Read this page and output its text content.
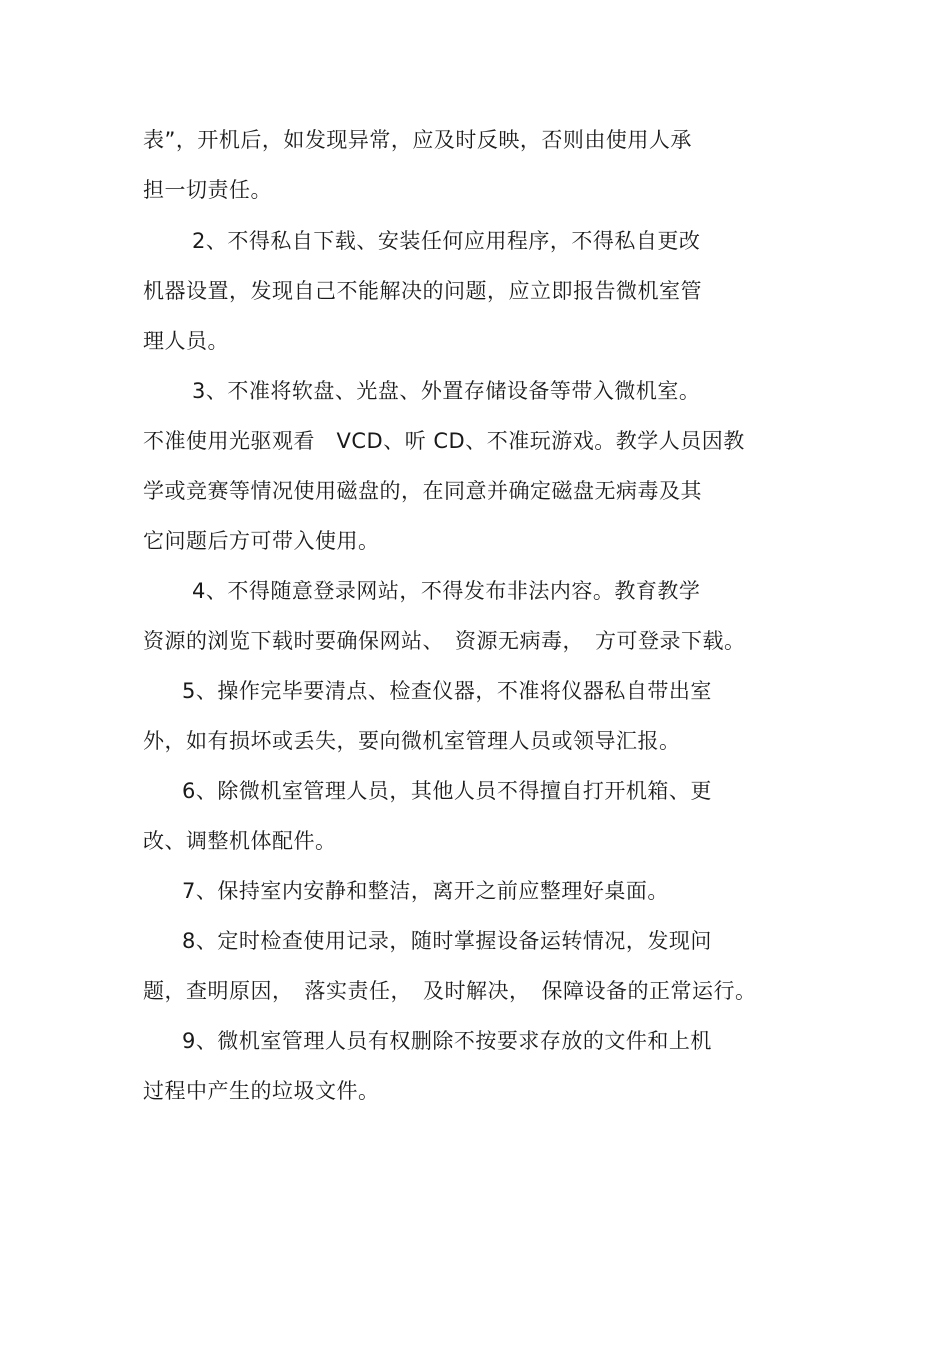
表”，开机后，如发现异常，应及时反映，否则由使用人承
担一切责任。
2、不得私自下载、安装任何应用程序，不得私自更改
机器设置，发现自己不能解决的问题，应立即报告微机室管
理人员。
3、不准将软盘、光盘、外置存储设备等带入微机室。
不准使用光驱观看　VCD、听 CD、不准玩游戏。教学人员因教
学或竞赛等情况使用磁盘的，在同意并确定磁盘无病毒及其
它问题后方可带入使用。
4、不得随意登录网站，不得发布非法内容。教育教学
资源的浏览下载时要确保网站、　资源无病毒，　方可登录下载。
5、操作完毕要清点、检查仪器，不准将仪器私自带出室
外，如有损坏或丢失，要向微机室管理人员或领导汇报。
6、除微机室管理人员，其他人员不得擅自打开机箱、更
改、调整机体配件。
7、保持室内安静和整洁，离开之前应整理好桌面。
8、定时检查使用记录，随时掌握设备运转情况，发现问
题，查明原因，　落实责任，　及时解决，　保障设备的正常运行。
9、微机室管理人员有权删除不按要求存放的文件和上机
过程中产生的垃圾文件。
